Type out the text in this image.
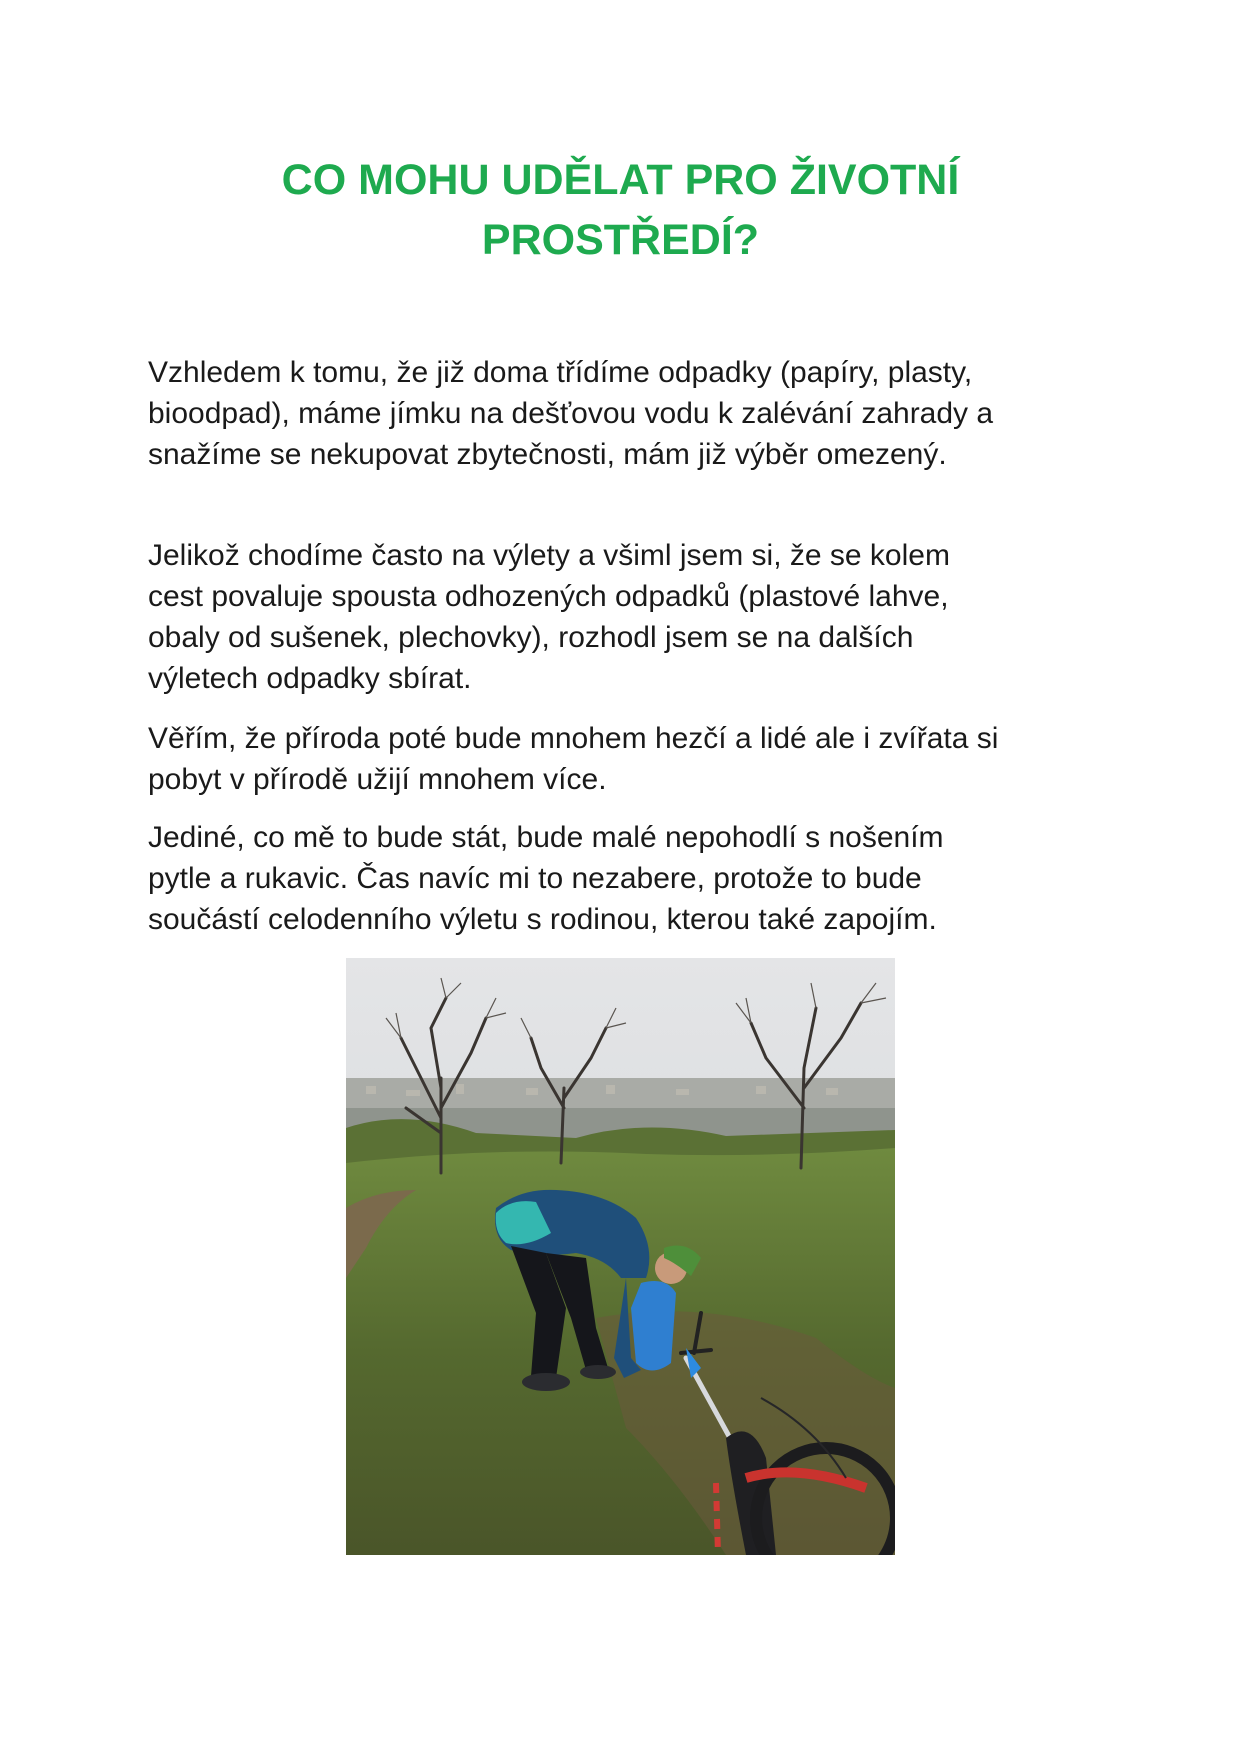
CO MOHU UDĚLAT PRO ŽIVOTNÍ
PROSTŘEDÍ?

Vzhledem k tomu, že již doma třídíme odpadky (papíry, plasty,
bioodpad), máme jímku na dešťovou vodu k zalévání zahrady a
snažíme se nekupovat zbytečnosti, mám již výběr omezený.

Jelikož chodíme často na výlety a všiml jsem si, že se kolem
cest povaluje spousta odhozených odpadků (plastové lahve,
obaly od sušenek, plechovky), rozhodl jsem se na dalších
výletech odpadky sbírat.

Věřím, že příroda poté bude mnohem hezčí a lidé ale i zvířata si
pobyt v přírodě užijí mnohem více.

Jediné, co mě to bude stát, bude malé nepohodlí s nošením
pytle a rukavic. Čas navíc mi to nezabere, protože to bude
součástí celodenního výletu s rodinou, kterou také zapojím.
